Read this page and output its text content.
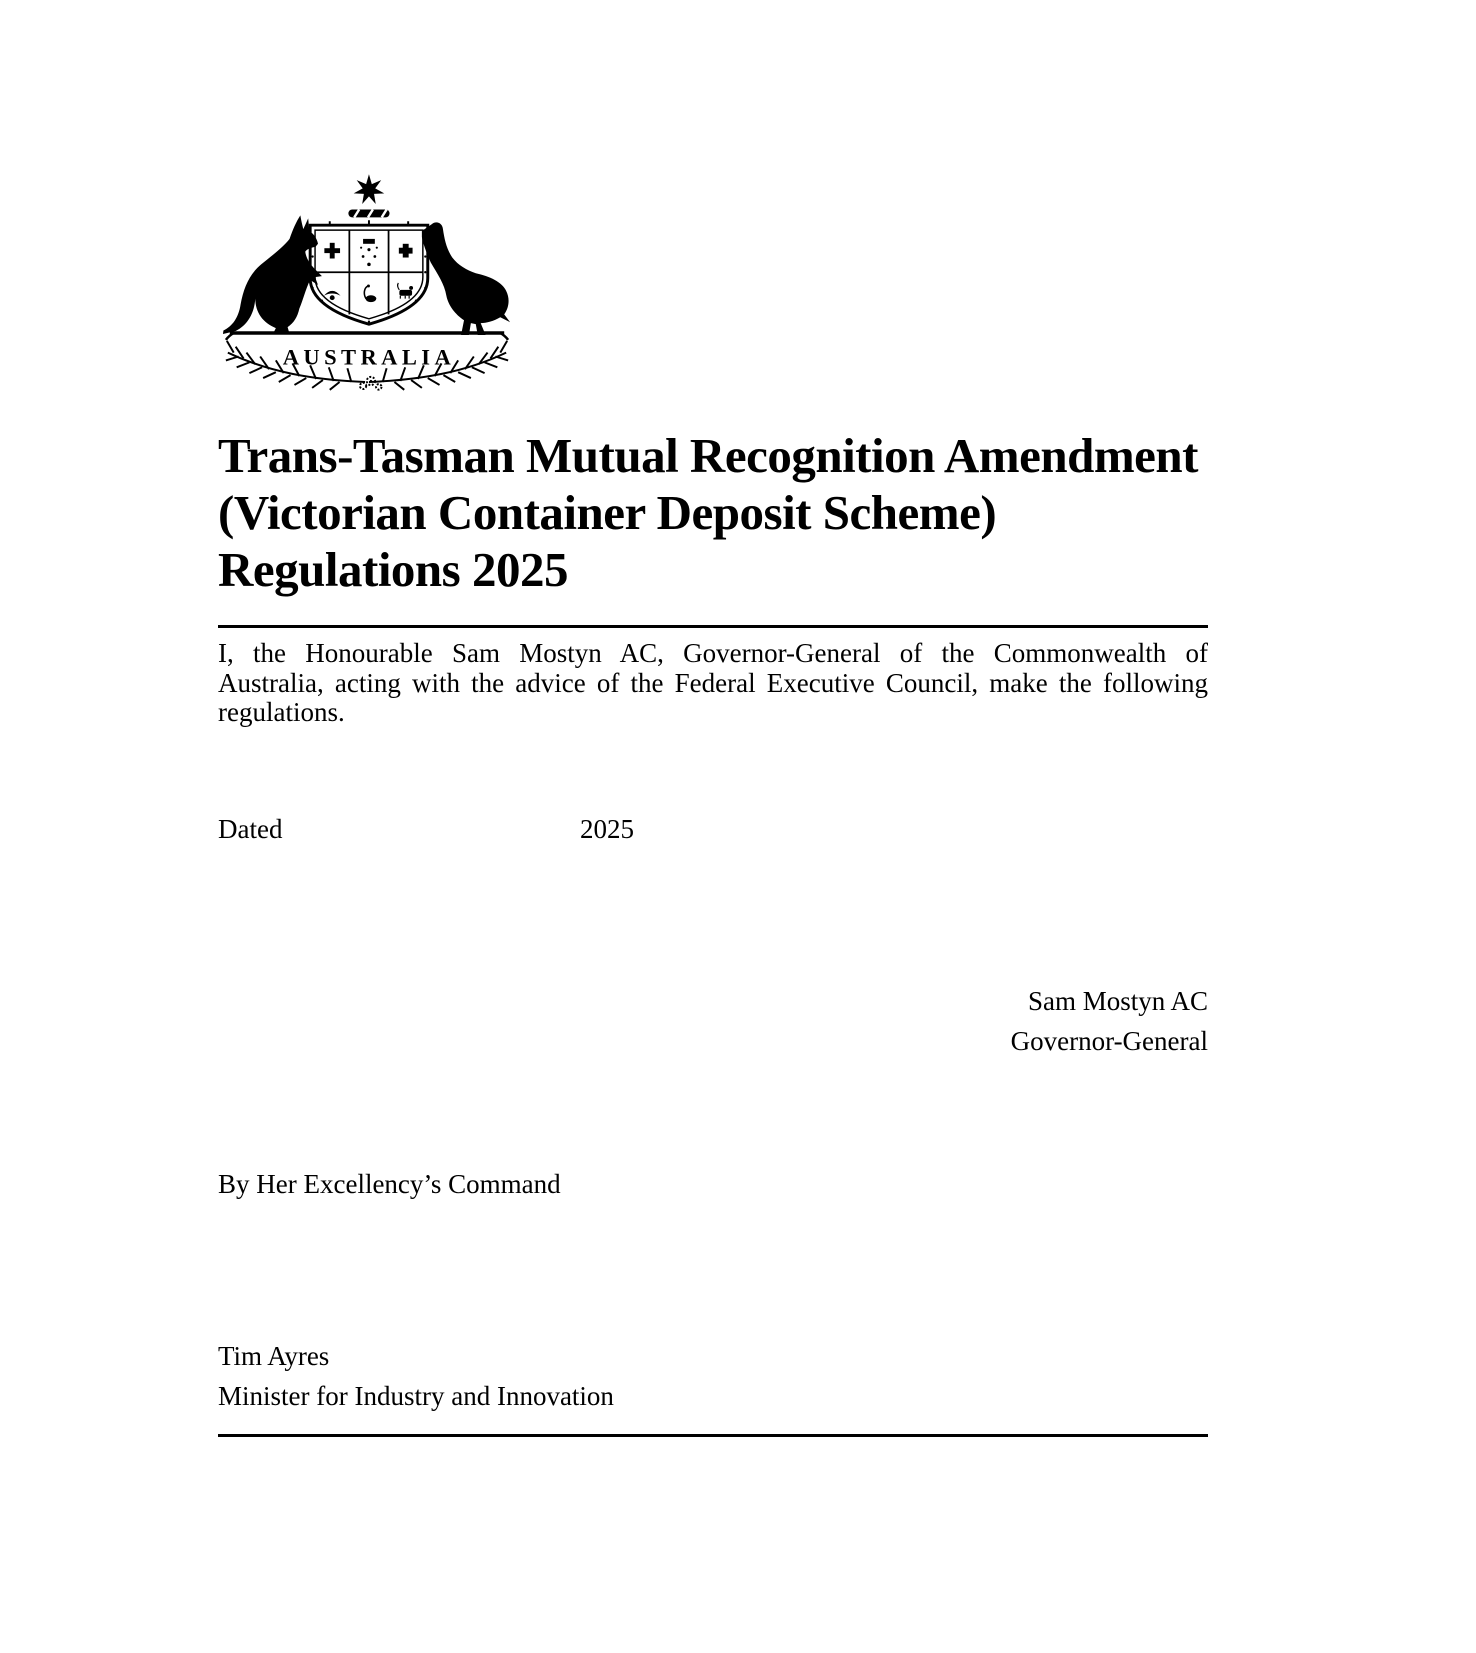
AUSTRALIA
Trans-Tasman Mutual Recognition Amendment
(Victorian Container Deposit Scheme)
Regulations 2025
I, the Honourable Sam Mostyn AC, Governor-General of the Commonwealth of
Australia, acting with the advice of the Federal Executive Council, make the following
regulations.
Dated	2025
Sam Mostyn AC
Governor-General
By Her Excellency’s Command
Tim Ayres
Minister for Industry and Innovation
